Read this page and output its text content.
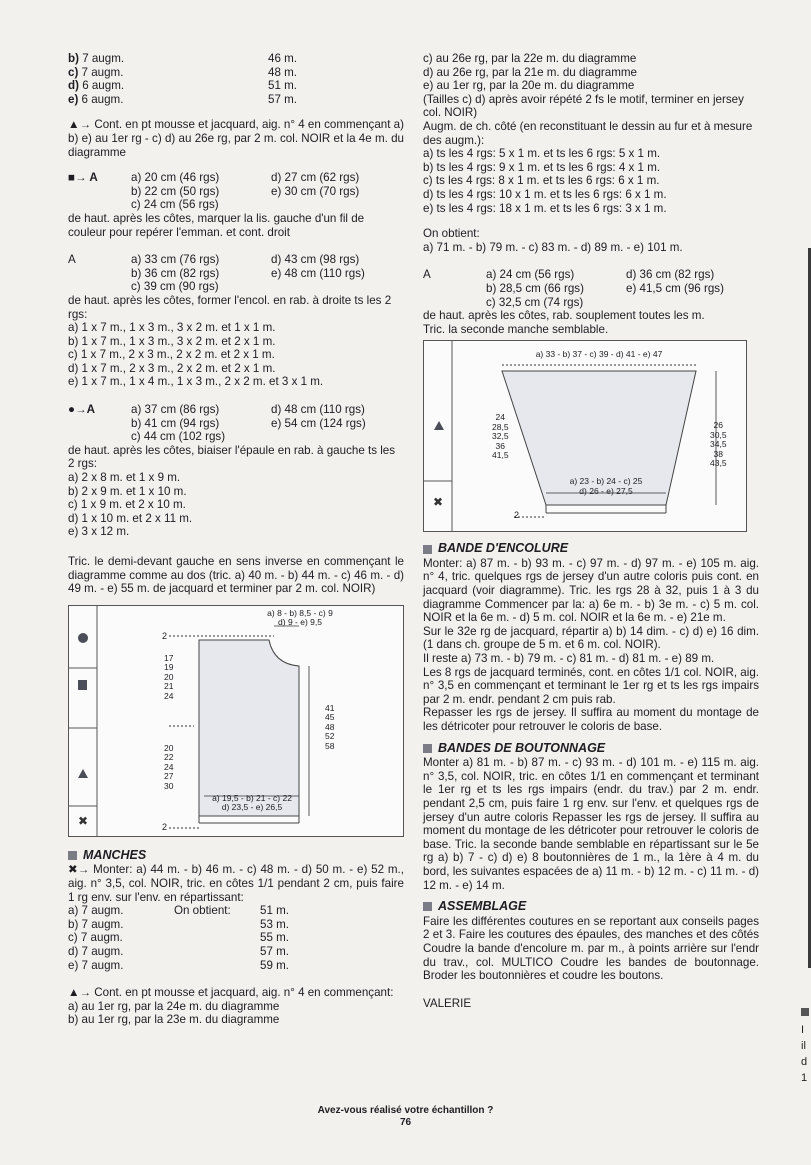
b) 7 augm.	46 m.
c) 7 augm.	48 m.
d) 6 augm.	51 m.
e) 6 augm.	57 m.

▲→ Cont. en pt mousse et jacquard, aig. n° 4 en commençant a) b) e) au 1er rg - c) d) au 26e rg, par 2 m. col. NOIR et la 4e m. du diagramme

■→ A	a) 20 cm (46 rgs)	d) 27 cm (62 rgs)
b) 22 cm (50 rgs)	e) 30 cm (70 rgs)
c) 24 cm (56 rgs)

de haut. après les côtes, marquer la lis. gauche d'un fil de couleur pour repérer l'emman. et cont. droit

A	a) 33 cm (76 rgs)	d) 43 cm (98 rgs)
b) 36 cm (82 rgs)	e) 48 cm (110 rgs)
c) 39 cm (90 rgs)

de haut. après les côtes, former l'encol. en rab. à droite ts les 2 rgs:

a) 1 x 7 m., 1 x 3 m., 3 x 2 m. et 1 x 1 m.

b) 1 x 7 m., 1 x 3 m., 3 x 2 m. et 2 x 1 m.

c) 1 x 7 m., 2 x 3 m., 2 x 2 m. et 2 x 1 m.

d) 1 x 7 m., 2 x 3 m., 2 x 2 m. et 2 x 1 m.

e) 1 x 7 m., 1 x 4 m., 1 x 3 m., 2 x 2 m. et 3 x 1 m.

●→A	a) 37 cm (86 rgs)	d) 48 cm (110 rgs)
b) 41 cm (94 rgs)	e) 54 cm (124 rgs)
c) 44 cm (102 rgs)

de haut. après les côtes, biaiser l'épaule en rab. à gauche ts les 2 rgs:

a) 2 x 8 m. et 1 x 9 m.

b) 2 x 9 m. et 1 x 10 m.

c) 1 x 9 m. et 2 x 10 m.

d) 1 x 10 m. et 2 x 11 m.

e) 3 x 12 m.

Tric. le demi-devant gauche en sens inverse en commençant le diagramme comme au dos (tric. a) 40 m. - b) 44 m. - c) 46 m. - d) 49 m. - e) 55 m. de jacquard et terminer par 2 m. col. NOIR)

✖
a) 8 - b) 8,5 - c) 9
d) 9 - e) 9,5
2
2
17
19
20
21
24
20
22
24
27
30
41
45
48
52
58
a) 19,5 - b) 21 - c) 22
d) 23,5 - e) 26,5
MANCHES

✖→ Monter: a) 44 m. - b) 46 m. - c) 48 m. - d) 50 m. - e) 52 m., aig. n° 3,5, col. NOIR, tric. en côtes 1/1 pendant 2 cm, puis faire 1 rg env. sur l'env. en répartissant:

a) 7 augm.	On obtient:	51 m.
b) 7 augm.	53 m.
c) 7 augm.	55 m.
d) 7 augm.	57 m.
e) 7 augm.	59 m.

▲→ Cont. en pt mousse et jacquard, aig. n° 4 en commençant:

a) au 1er rg, par la 24e m. du diagramme

b) au 1er rg, par la 23e m. du diagramme

c) au 26e rg, par la 22e m. du diagramme

d) au 26e rg, par la 21e m. du diagramme

e) au 1er rg, par la 20e m. du diagramme

(Tailles c) d) après avoir répété 2 fs le motif, terminer en jersey col. NOIR)

Augm. de ch. côté (en reconstituant le dessin au fur et à mesure des augm.):

a) ts les 4 rgs: 5 x 1 m. et ts les 6 rgs: 5 x 1 m.

b) ts les 4 rgs: 9 x 1 m. et ts les 6 rgs: 4 x 1 m.

c) ts les 4 rgs: 8 x 1 m. et ts les 6 rgs: 6 x 1 m.

d) ts les 4 rgs: 10 x 1 m. et ts les 6 rgs: 6 x 1 m.

e) ts les 4 rgs: 18 x 1 m. et ts les 6 rgs: 3 x 1 m.

On obtient:

a) 71 m. - b) 79 m. - c) 83 m. - d) 89 m. - e) 101 m.

A	a) 24 cm (56 rgs)	d) 36 cm (82 rgs)
b) 28,5 cm (66 rgs)	e) 41,5 cm (96 rgs)
c) 32,5 cm (74 rgs)

de haut. après les côtes, rab. souplement toutes les m.

Tric. la seconde manche semblable.

✖
a) 33 - b) 37 - c) 39 - d) 41 - e) 47
24
28,5
32,5
36
41,5
26
30,5
34,5
38
43,5
a) 23 - b) 24 - c) 25
d) 26 - e) 27,5
2
BANDE D'ENCOLURE

Monter: a) 87 m. - b) 93 m. - c) 97 m. - d) 97 m. - e) 105 m. aig. n° 4, tric. quelques rgs de jersey d'un autre coloris puis cont. en jacquard (voir diagramme). Tric. les rgs 28 à 32, puis 1 à 3 du diagramme Commencer par la: a) 6e m. - b) 3e m. - c) 5 m. col. NOIR et la 6e m. - d) 5 m. col. NOIR et la 6e m. - e) 21e m.

Sur le 32e rg de jacquard, répartir a) b) 14 dim. - c) d) e) 16 dim. (1 dans ch. groupe de 5 m. et 6 m. col. NOIR).

Il reste a) 73 m. - b) 79 m. - c) 81 m. - d) 81 m. - e) 89 m.

Les 8 rgs de jacquard terminés, cont. en côtes 1/1 col. NOIR, aig. n° 3,5 en commençant et terminant le 1er rg et ts les rgs impairs par 2 m. endr. pendant 2 cm puis rab.

Repasser les rgs de jersey. Il suffira au moment du montage de les détricoter pour retrouver le coloris de base.

BANDES DE BOUTONNAGE

Monter a) 81 m. - b) 87 m. - c) 93 m. - d) 101 m. - e) 115 m. aig. n° 3,5, col. NOIR, tric. en côtes 1/1 en commençant et terminant le 1er rg et ts les rgs impairs (endr. du trav.) par 2 m. endr. pendant 2,5 cm, puis faire 1 rg env. sur l'env. et quelques rgs de jersey d'un autre coloris Repasser les rgs de jersey. Il suffira au moment du montage de les détricoter pour retrouver le coloris de base. Tric. la seconde bande semblable en répartissant sur le 5e rg a) b) 7 - c) d) e) 8 boutonnières de 1 m., la 1ère à 4 m. du bord, les suivantes espacées de a) 11 m. - b) 12 m. - c) 11 m. - d) 12 m. - e) 14 m.

ASSEMBLAGE

Faire les différentes coutures en se reportant aux conseils pages 2 et 3. Faire les coutures des épaules, des manches et des côtés Coudre la bande d'encolure m. par m., à points arrière sur l'endr du trav., col. MULTICO Coudre les bandes de boutonnage. Broder les boutonnières et coudre les boutons.

VALERIE

Avez-vous réalisé votre échantillon ?
76
I
il
d
1
